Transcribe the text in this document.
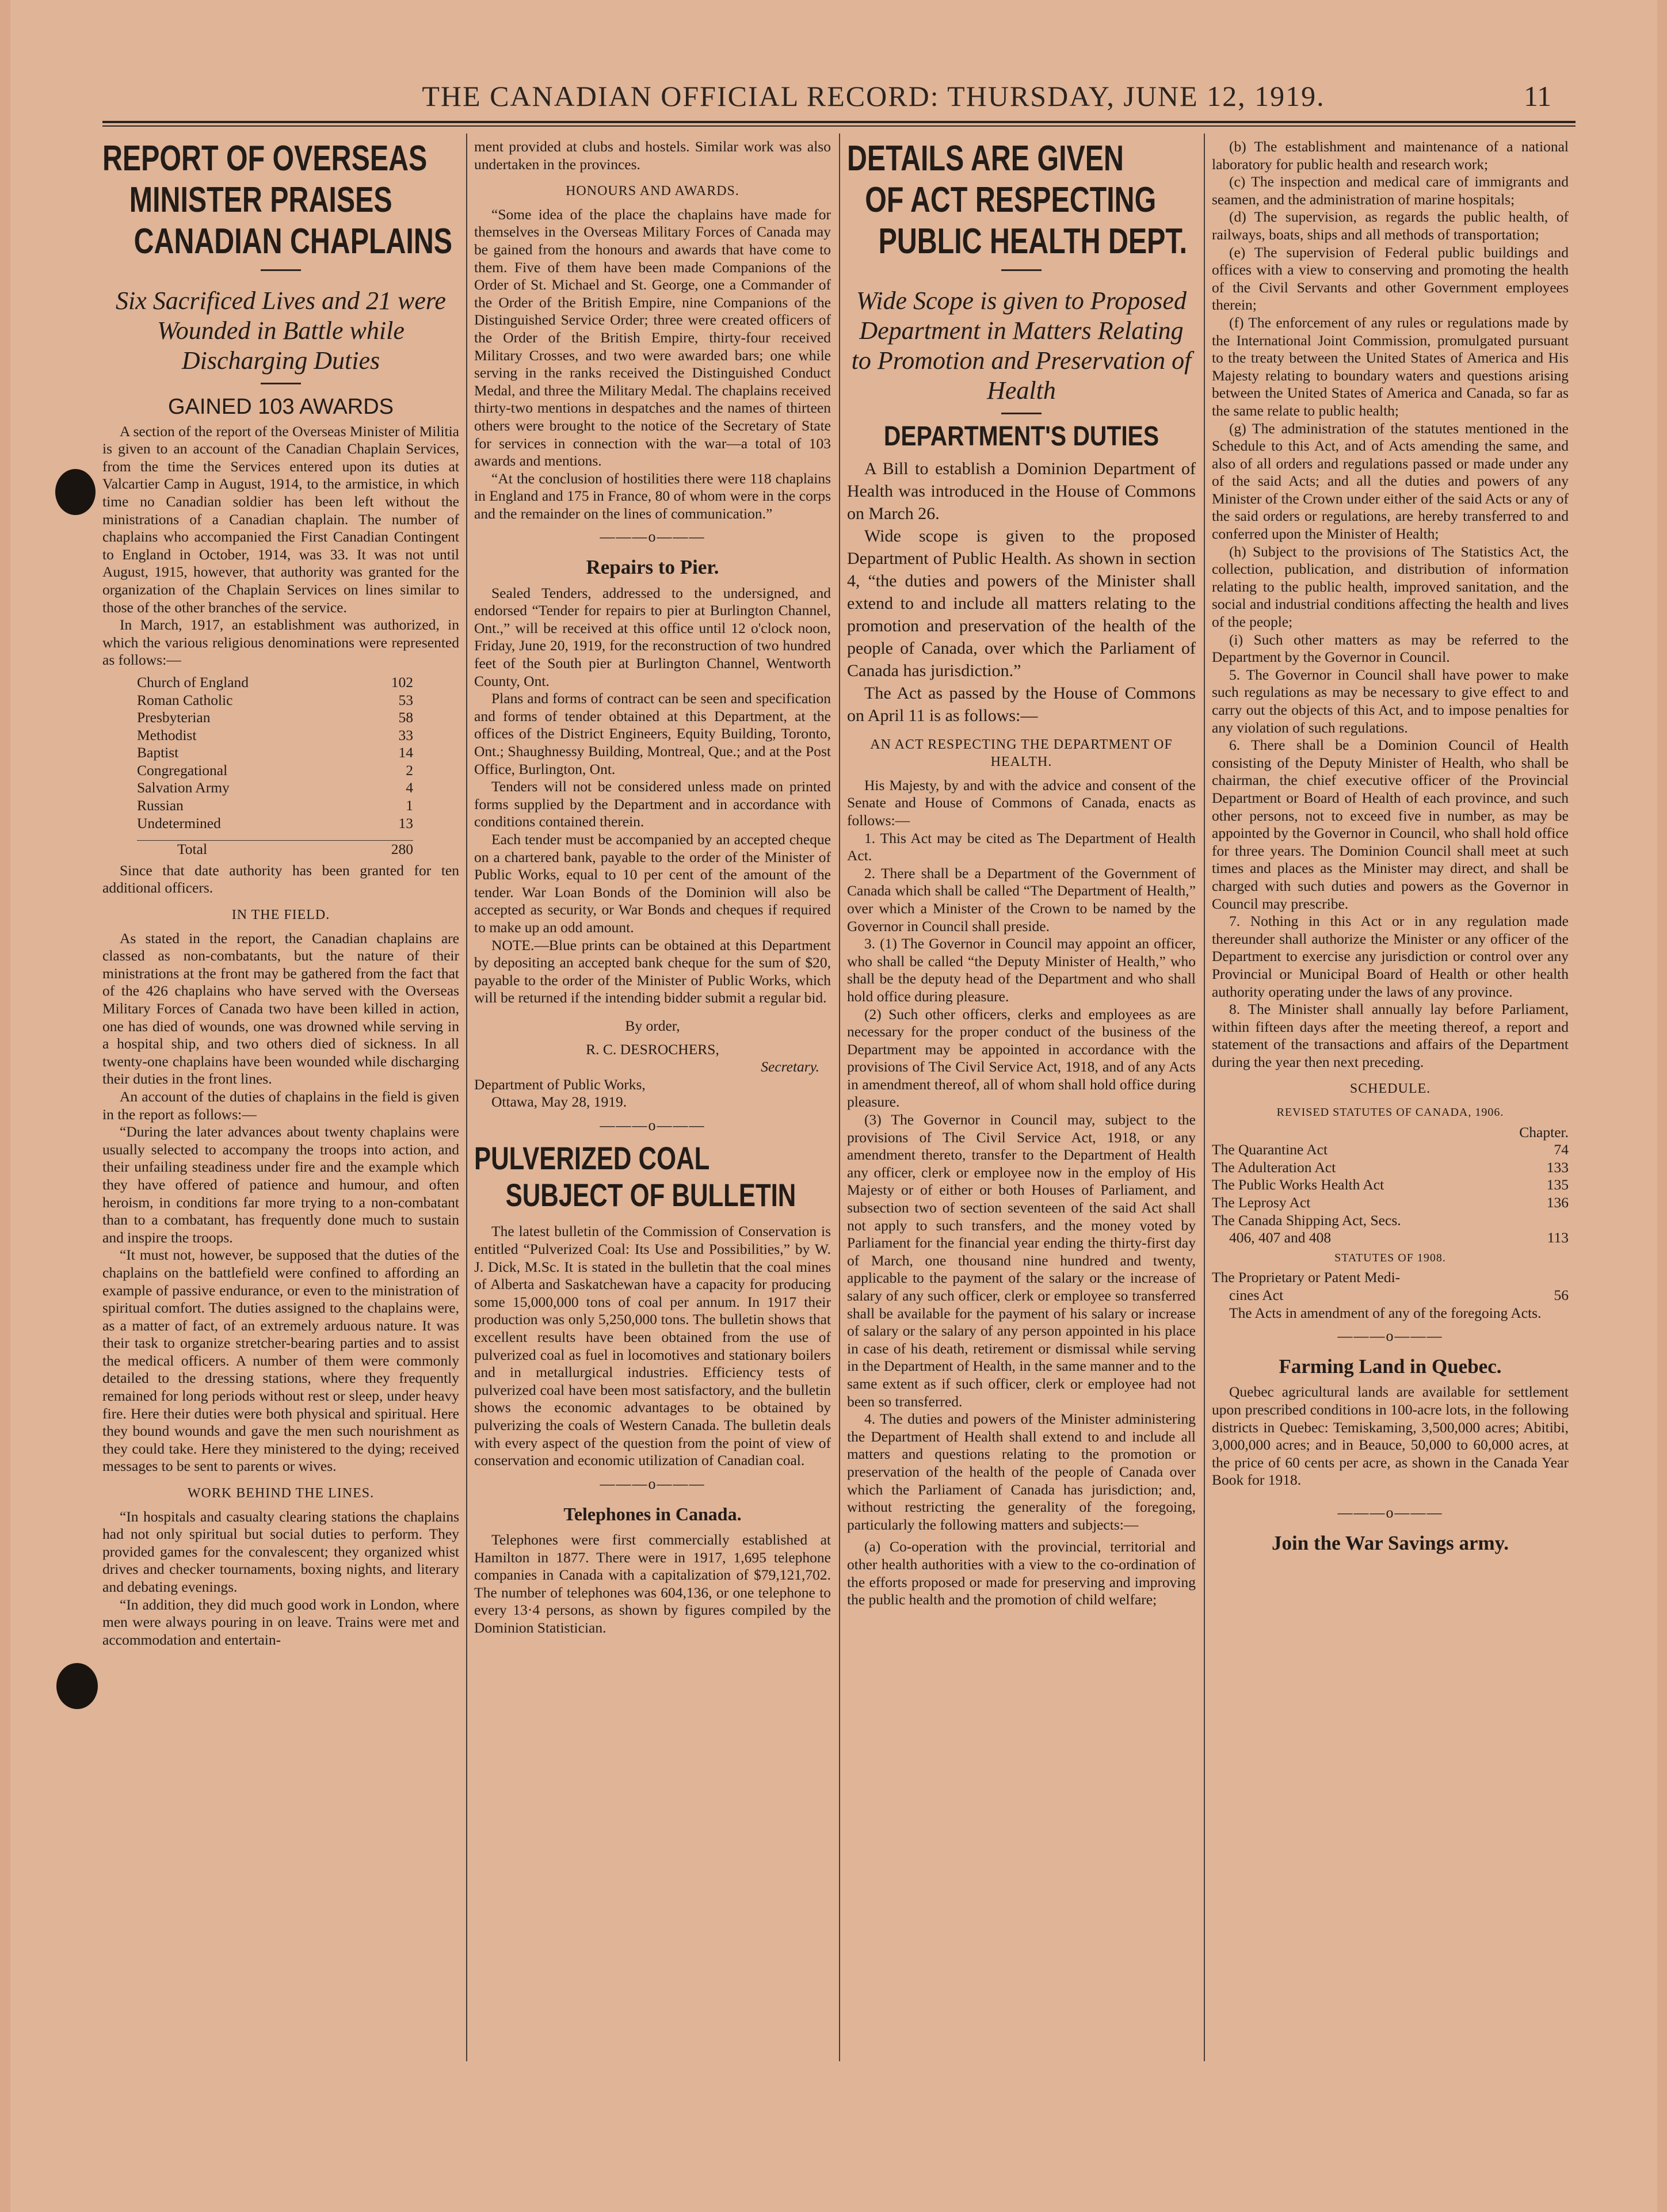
THE CANADIAN OFFICIAL RECORD: THURSDAY, JUNE 12, 1919.	11
REPORT OF OVERSEAS
MINISTER PRAISES
CANADIAN CHAPLAINS
Six Sacrificed Lives and 21 were Wounded in Battle while Discharging Duties
GAINED 103 AWARDS

A section of the report of the Overseas Minister of Militia is given to an account of the Canadian Chaplain Services, from the time the Services entered upon its duties at Valcartier Camp in August, 1914, to the armistice, in which time no Canadian soldier has been left without the ministrations of a Canadian chaplain. The number of chaplains who accompanied the First Canadian Contingent to England in October, 1914, was 33. It was not until August, 1915, however, that authority was granted for the organization of the Chaplain Services on lines similar to those of the other branches of the service.

In March, 1917, an establishment was authorized, in which the various religious denominations were represented as follows:—

Church of England	102
Roman Catholic	53
Presbyterian	58
Methodist	33
Baptist	14
Congregational	2
Salvation Army	4
Russian	1
Undetermined	13
Total	280

Since that date authority has been granted for ten additional officers.

IN THE FIELD.

As stated in the report, the Canadian chaplains are classed as non-combatants, but the nature of their ministrations at the front may be gathered from the fact that of the 426 chaplains who have served with the Overseas Military Forces of Canada two have been killed in action, one has died of wounds, one was drowned while serving in a hospital ship, and two others died of sickness. In all twenty-one chaplains have been wounded while discharging their duties in the front lines.

An account of the duties of chaplains in the field is given in the report as follows:—

“During the later advances about twenty chaplains were usually selected to accompany the troops into action, and their unfailing steadiness under fire and the example which they have offered of patience and humour, and often heroism, in conditions far more trying to a non-combatant than to a combatant, has frequently done much to sustain and inspire the troops.

“It must not, however, be supposed that the duties of the chaplains on the battlefield were confined to affording an example of passive endurance, or even to the ministration of spiritual comfort. The duties assigned to the chaplains were, as a matter of fact, of an extremely arduous nature. It was their task to organize stretcher-bearing parties and to assist the medical officers. A number of them were commonly detailed to the dressing stations, where they frequently remained for long periods without rest or sleep, under heavy fire. Here their duties were both physical and spiritual. Here they bound wounds and gave the men such nourishment as they could take. Here they ministered to the dying; received messages to be sent to parents or wives.

WORK BEHIND THE LINES.

“In hospitals and casualty clearing stations the chaplains had not only spiritual but social duties to perform. They provided games for the convalescent; they organized whist drives and checker tournaments, boxing nights, and literary and debating evenings.

“In addition, they did much good work in London, where men were always pouring in on leave. Trains were met and accommodation and entertain-

ment provided at clubs and hostels. Similar work was also undertaken in the provinces.

HONOURS AND AWARDS.

“Some idea of the place the chaplains have made for themselves in the Overseas Military Forces of Canada may be gained from the honours and awards that have come to them. Five of them have been made Companions of the Order of St. Michael and St. George, one a Commander of the Order of the British Empire, nine Companions of the Distinguished Service Order; three were created officers of the Order of the British Empire, thirty-four received Military Crosses, and two were awarded bars; one while serving in the ranks received the Distinguished Conduct Medal, and three the Military Medal. The chaplains received thirty-two mentions in despatches and the names of thirteen others were brought to the notice of the Secretary of State for services in connection with the war—a total of 103 awards and mentions.

“At the conclusion of hostilities there were 118 chaplains in England and 175 in France, 80 of whom were in the corps and the remainder on the lines of communication.”

———o———
Repairs to Pier.

Sealed Tenders, addressed to the undersigned, and endorsed “Tender for repairs to pier at Burlington Channel, Ont.,” will be received at this office until 12 o'clock noon, Friday, June 20, 1919, for the reconstruction of two hundred feet of the South pier at Burlington Channel, Wentworth County, Ont.

Plans and forms of contract can be seen and specification and forms of tender obtained at this Department, at the offices of the District Engineers, Equity Building, Toronto, Ont.; Shaughnessy Building, Montreal, Que.; and at the Post Office, Burlington, Ont.

Tenders will not be considered unless made on printed forms supplied by the Department and in accordance with conditions contained therein.

Each tender must be accompanied by an accepted cheque on a chartered bank, payable to the order of the Minister of Public Works, equal to 10 per cent of the amount of the tender. War Loan Bonds of the Dominion will also be accepted as security, or War Bonds and cheques if required to make up an odd amount.

NOTE.—Blue prints can be obtained at this Department by depositing an accepted bank cheque for the sum of $20, payable to the order of the Minister of Public Works, which will be returned if the intending bidder submit a regular bid.

By order,
R. C. DESROCHERS,
Secretary.
Department of Public Works,
Ottawa, May 28, 1919.
———o———
PULVERIZED COAL
SUBJECT OF BULLETIN

The latest bulletin of the Commission of Conservation is entitled “Pulverized Coal: Its Use and Possibilities,” by W. J. Dick, M.Sc. It is stated in the bulletin that the coal mines of Alberta and Saskatchewan have a capacity for producing some 15,000,000 tons of coal per annum. In 1917 their production was only 5,250,000 tons. The bulletin shows that excellent results have been obtained from the use of pulverized coal as fuel in locomotives and stationary boilers and in metallurgical industries. Efficiency tests of pulverized coal have been most satisfactory, and the bulletin shows the economic advantages to be obtained by pulverizing the coals of Western Canada. The bulletin deals with every aspect of the question from the point of view of conservation and economic utilization of Canadian coal.

———o———
Telephones in Canada.

Telephones were first commercially established at Hamilton in 1877. There were in 1917, 1,695 telephone companies in Canada with a capitalization of $79,121,702. The number of telephones was 604,136, or one telephone to every 13·4 persons, as shown by figures compiled by the Dominion Statistician.

DETAILS ARE GIVEN
OF ACT RESPECTING
PUBLIC HEALTH DEPT.
Wide Scope is given to Proposed Department in Matters Relating to Promotion and Preservation of Health
DEPARTMENT'S DUTIES

A Bill to establish a Dominion Department of Health was introduced in the House of Commons on March 26.

Wide scope is given to the proposed Department of Public Health. As shown in section 4, “the duties and powers of the Minister shall extend to and include all matters relating to the promotion and preservation of the health of the people of Canada, over which the Parliament of Canada has jurisdiction.”

The Act as passed by the House of Commons on April 11 is as follows:—

AN ACT RESPECTING THE DEPARTMENT OF HEALTH.

His Majesty, by and with the advice and consent of the Senate and House of Commons of Canada, enacts as follows:—

1. This Act may be cited as The Department of Health Act.

2. There shall be a Department of the Government of Canada which shall be called “The Department of Health,” over which a Minister of the Crown to be named by the Governor in Council shall preside.

3. (1) The Governor in Council may appoint an officer, who shall be called “the Deputy Minister of Health,” who shall be the deputy head of the Department and who shall hold office during pleasure.

(2) Such other officers, clerks and employees as are necessary for the proper conduct of the business of the Department may be appointed in accordance with the provisions of The Civil Service Act, 1918, and of any Acts in amendment thereof, all of whom shall hold office during pleasure.

(3) The Governor in Council may, subject to the provisions of The Civil Service Act, 1918, or any amendment thereto, transfer to the Department of Health any officer, clerk or employee now in the employ of His Majesty or of either or both Houses of Parliament, and subsection two of section seventeen of the said Act shall not apply to such transfers, and the money voted by Parliament for the financial year ending the thirty-first day of March, one thousand nine hundred and twenty, applicable to the payment of the salary or the increase of salary of any such officer, clerk or employee so transferred shall be available for the payment of his salary or increase of salary or the salary of any person appointed in his place in case of his death, retirement or dismissal while serving in the Department of Health, in the same manner and to the same extent as if such officer, clerk or employee had not been so transferred.

4. The duties and powers of the Minister administering the Department of Health shall extend to and include all matters and questions relating to the promotion or preservation of the health of the people of Canada over which the Parliament of Canada has jurisdiction; and, without restricting the generality of the foregoing, particularly the following matters and subjects:—

(a) Co-operation with the provincial, territorial and other health authorities with a view to the co-ordination of the efforts proposed or made for preserving and improving the public health and the promotion of child welfare;

(b) The establishment and maintenance of a national laboratory for public health and research work;

(c) The inspection and medical care of immigrants and seamen, and the administration of marine hospitals;

(d) The supervision, as regards the public health, of railways, boats, ships and all methods of transportation;

(e) The supervision of Federal public buildings and offices with a view to conserving and promoting the health of the Civil Servants and other Government employees therein;

(f) The enforcement of any rules or regulations made by the International Joint Commission, promulgated pursuant to the treaty between the United States of America and His Majesty relating to boundary waters and questions arising between the United States of America and Canada, so far as the same relate to public health;

(g) The administration of the statutes mentioned in the Schedule to this Act, and of Acts amending the same, and also of all orders and regulations passed or made under any of the said Acts; and all the duties and powers of any Minister of the Crown under either of the said Acts or any of the said orders or regulations, are hereby transferred to and conferred upon the Minister of Health;

(h) Subject to the provisions of The Statistics Act, the collection, publication, and distribution of information relating to the public health, improved sanitation, and the social and industrial conditions affecting the health and lives of the people;

(i) Such other matters as may be referred to the Department by the Governor in Council.

5. The Governor in Council shall have power to make such regulations as may be necessary to give effect to and carry out the objects of this Act, and to impose penalties for any violation of such regulations.

6. There shall be a Dominion Council of Health consisting of the Deputy Minister of Health, who shall be chairman, the chief executive officer of the Provincial Department or Board of Health of each province, and such other persons, not to exceed five in number, as may be appointed by the Governor in Council, who shall hold office for three years. The Dominion Council shall meet at such times and places as the Minister may direct, and shall be charged with such duties and powers as the Governor in Council may prescribe.

7. Nothing in this Act or in any regulation made thereunder shall authorize the Minister or any officer of the Department to exercise any jurisdiction or control over any Provincial or Municipal Board of Health or other health authority operating under the laws of any province.

8. The Minister shall annually lay before Parliament, within fifteen days after the meeting thereof, a report and statement of the transactions and affairs of the Department during the year then next preceding.

SCHEDULE.
REVISED STATUTES OF CANADA, 1906.
Chapter.
The Quarantine Act	74
The Adulteration Act	133
The Public Works Health Act	135
The Leprosy Act	136
The Canada Shipping Act, Secs.
406, 407 and 408	113
STATUTES OF 1908.
The Proprietary or Patent Medi-
cines Act	56

The Acts in amendment of any of the foregoing Acts.

———o———
Farming Land in Quebec.

Quebec agricultural lands are available for settlement upon prescribed conditions in 100-acre lots, in the following districts in Quebec: Temiskaming, 3,500,000 acres; Abitibi, 3,000,000 acres; and in Beauce, 50,000 to 60,000 acres, at the price of 60 cents per acre, as shown in the Canada Year Book for 1918.

———o———
Join the War Savings army.
